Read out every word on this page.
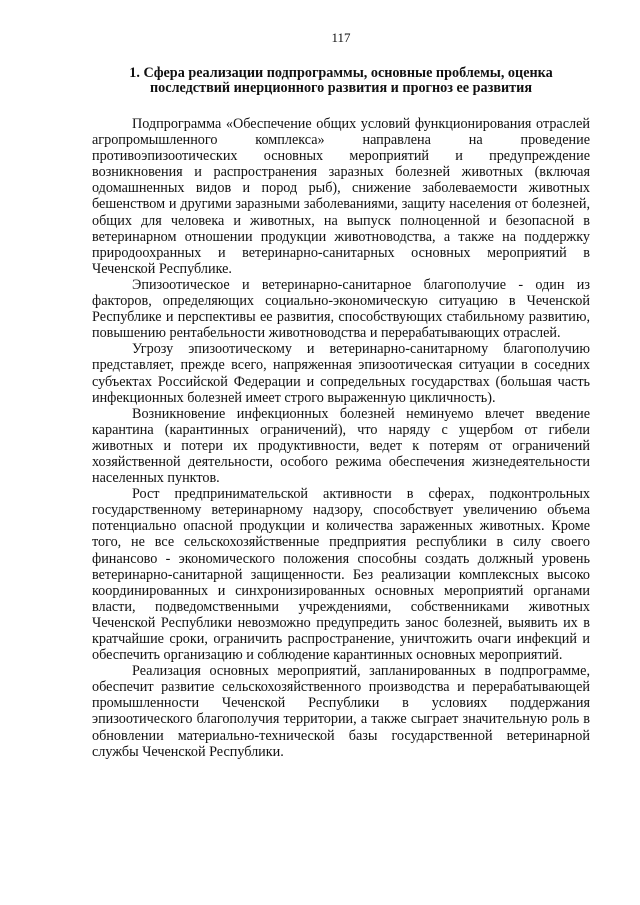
117
1. Сфера реализации подпрограммы, основные проблемы, оценка последствий инерционного развития и прогноз ее развития

Подпрограмма «Обеспечение общих условий функционирования отраслей агропромышленного комплекса» направлена на проведение противоэпизоотических основных мероприятий и предупреждение возникновения и распространения заразных болезней животных (включая одомашненных видов и пород рыб), снижение заболеваемости животных бешенством и другими заразными заболеваниями, защиту населения от болезней, общих для человека и животных, на выпуск полноценной и безопасной в ветеринарном отношении продукции животноводства, а также на поддержку природоохранных и ветеринарно-санитарных основных мероприятий в Чеченской Республике.

Эпизоотическое и ветеринарно-санитарное благополучие - один из факторов, определяющих социально-экономическую ситуацию в Чеченской Республике и перспективы ее развития, способствующих стабильному развитию, повышению рентабельности животноводства и перерабатывающих отраслей.

Угрозу эпизоотическому и ветеринарно-санитарному благополучию представляет, прежде всего, напряженная эпизоотическая ситуации в соседних субъектах Российской Федерации и сопредельных государствах (большая часть инфекционных болезней имеет строго выраженную цикличность).

Возникновение инфекционных болезней неминуемо влечет введение карантина (карантинных ограничений), что наряду с ущербом от гибели животных и потери их продуктивности, ведет к потерям от ограничений хозяйственной деятельности, особого режима обеспечения жизнедеятельности населенных пунктов.

Рост предпринимательской активности в сферах, подконтрольных государственному ветеринарному надзору, способствует увеличению объема потенциально опасной продукции и количества зараженных животных. Кроме того, не все сельскохозяйственные предприятия республики в силу своего финансово - экономического положения способны создать должный уровень ветеринарно-санитарной защищенности. Без реализации комплексных высоко координированных и синхронизированных основных мероприятий органами власти, подведомственными учреждениями, собственниками животных Чеченской Республики невозможно предупредить занос болезней, выявить их в кратчайшие сроки, ограничить распространение, уничтожить очаги инфекций и обеспечить организацию и соблюдение карантинных основных мероприятий.

Реализация основных мероприятий, запланированных в подпрограмме, обеспечит развитие сельскохозяйственного производства и перерабатывающей промышленности Чеченской Республики в условиях поддержания эпизоотического благополучия территории, а также сыграет значительную роль в обновлении материально-технической базы государственной ветеринарной службы Чеченской Республики.
